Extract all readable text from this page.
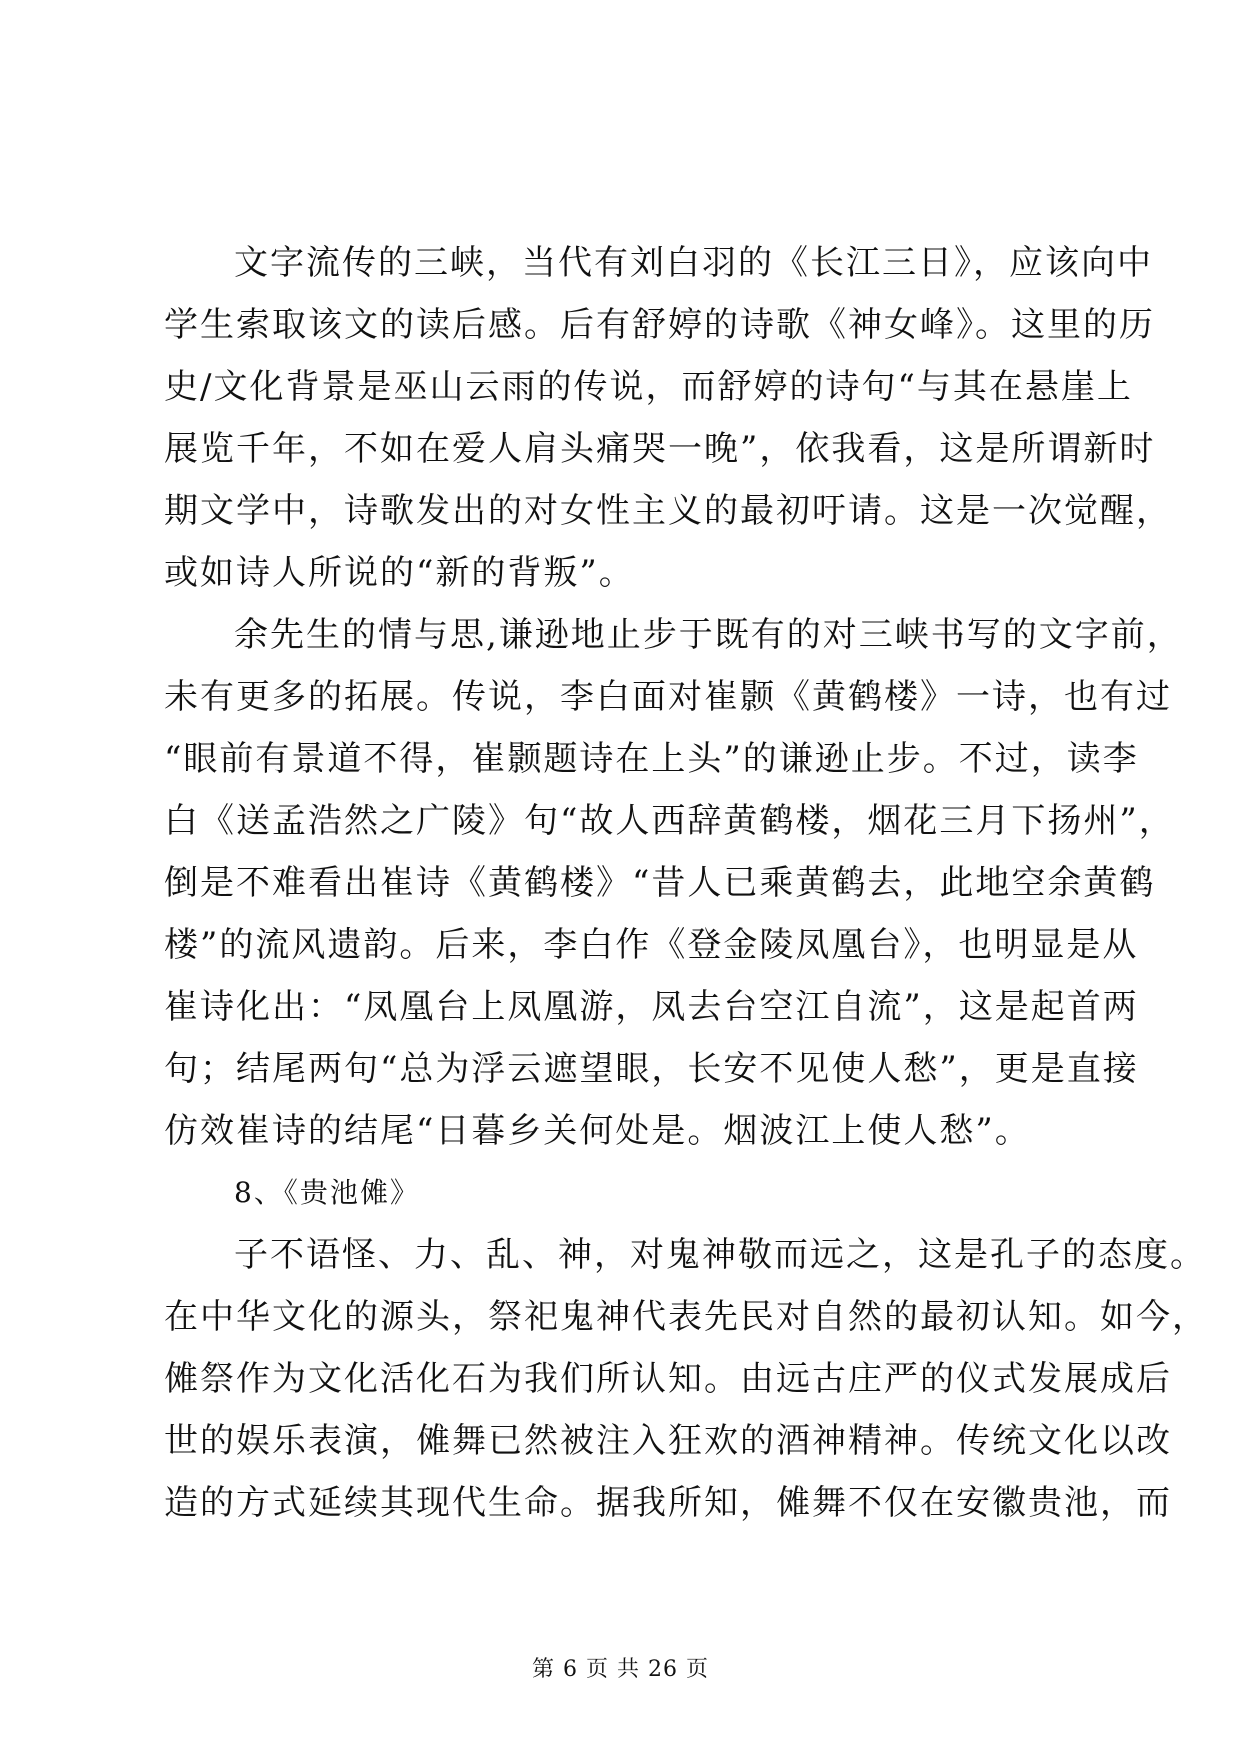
文字流传的三峡，当代有刘白羽的《长江三日》，应该向中
学生索取该文的读后感。后有舒婷的诗歌《神女峰》。这里的历
史/文化背景是巫山云雨的传说，而舒婷的诗句“与其在悬崖上
展览千年，不如在爱人肩头痛哭一晚”，依我看，这是所谓新时
期文学中，诗歌发出的对女性主义的最初吁请。这是一次觉醒，
或如诗人所说的“新的背叛”。
余先生的情与思,谦逊地止步于既有的对三峡书写的文字前，
未有更多的拓展。传说，李白面对崔颢《黄鹤楼》一诗，也有过
“眼前有景道不得，崔颢题诗在上头”的谦逊止步。不过，读李
白《送孟浩然之广陵》句“故人西辞黄鹤楼，烟花三月下扬州”，
倒是不难看出崔诗《黄鹤楼》“昔人已乘黄鹤去，此地空余黄鹤
楼”的流风遗韵。后来，李白作《登金陵凤凰台》，也明显是从
崔诗化出：“凤凰台上凤凰游，凤去台空江自流”，这是起首两
句；结尾两句“总为浮云遮望眼，长安不见使人愁”，更是直接
仿效崔诗的结尾“日暮乡关何处是。烟波江上使人愁”。
8、《贵池傩》
子不语怪、力、乱、神，对鬼神敬而远之，这是孔子的态度。
在中华文化的源头，祭祀鬼神代表先民对自然的最初认知。如今，
傩祭作为文化活化石为我们所认知。由远古庄严的仪式发展成后
世的娱乐表演，傩舞已然被注入狂欢的酒神精神。传统文化以改
造的方式延续其现代生命。据我所知，傩舞不仅在安徽贵池，而
第 6 页 共 26 页
